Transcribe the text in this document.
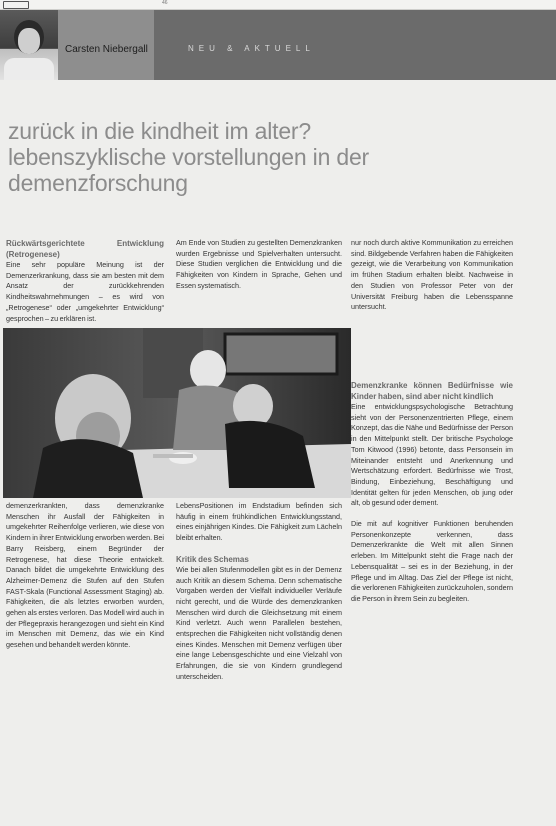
46
Carsten Niebergall	NEU & AKTUELL
zurück in die kindheit im alter?
lebenszyklische vorstellungen in der
demenzforschung
Rückwärtsgerichtete Entwicklung (Retrogenese)
Eine sehr populäre Meinung ist der Demenzerkrankung, dass sie am besten mit dem Ansatz der zurückkehrenden Kindheitswahrnehmungen – es wird von „Retrogenese“ oder „umgekehrter Entwicklung“ gesprochen – zu erklären ist.
Am Ende von Studien zu gestellten Demenzkranken wurden Ergebnisse und Spielverhalten untersucht. Diese Studien verglichen die Entwicklung und die Fähigkeiten von Kindern in Sprache, Gehen und Essen systematisch.
nur noch durch aktive Kommunikation zu erreichen sind. Bildgebende Verfahren haben die Fähigkeiten gezeigt, wie die Verarbeitung von Kommunikation im frühen Stadium erhalten bleibt. Nachweise in den Studien von Professor Peter von der Universität Freiburg haben die Lebensspanne untersucht.
demenzerkrankten, dass demenzkranke Menschen ihr Ausfall der Fähigkeiten in umgekehrter Reihenfolge verlieren, wie diese von Kindern in ihrer Entwicklung erworben werden. Bei Barry Reisberg, einem Begründer der Retrogenese, hat diese Theorie entwickelt. Danach bildet die umgekehrte Entwicklung des Alzheimer-Demenz die Stufen auf den Stufen FAST-Skala (Functional Assessment Staging) ab. Fähigkeiten, die als letztes erworben wurden, gehen als erstes verloren. Das Modell wird auch in der Pflegepraxis herangezogen und sieht ein Kind im Menschen mit Demenz, das wie ein Kind gesehen und behandelt werden könnte.
LebensPositionen im Endstadium befinden sich häufig in einem frühkindlichen Entwicklungsstand, eines einjährigen Kindes. Die Fähigkeit zum Lächeln bleibt erhalten.
Kritik des Schemas
Wie bei allen Stufenmodellen gibt es in der Demenz auch Kritik an diesem Schema. Denn schematische Vorgaben werden der Vielfalt individueller Verläufe nicht gerecht, und die Würde des demenzkranken Menschen wird durch die Gleichsetzung mit einem Kind verletzt. Auch wenn Parallelen bestehen, entsprechen die Fähigkeiten nicht vollständig denen eines Kindes. Menschen mit Demenz verfügen über eine lange Lebensgeschichte und eine Vielzahl von Erfahrungen, die sie von Kindern grundlegend unterscheiden.
Demenzkranke können Bedürfnisse wie Kinder haben, sind aber nicht kindlich
Eine entwicklungspsychologische Betrachtung sieht von der Personenzentrierten Pflege, einem Konzept, das die Nähe und Bedürfnisse der Person in den Mittelpunkt stellt. Der britische Psychologe Tom Kitwood (1996) betonte, dass Personsein im Miteinander entsteht und Anerkennung und Wertschätzung erfordert. Bedürfnisse wie Trost, Bindung, Einbeziehung, Beschäftigung und Identität gelten für jeden Menschen, ob jung oder alt, ob gesund oder dement.
Die mit auf kognitiver Funktionen beruhenden Personenkonzepte verkennen, dass Demenzerkrankte die Welt mit allen Sinnen erleben. Im Mittelpunkt steht die Frage nach der Lebensqualität – sei es in der Beziehung, in der Pflege und im Alltag. Das Ziel der Pflege ist nicht, die verlorenen Fähigkeiten zurückzuholen, sondern die Person in ihrem Sein zu begleiten.
